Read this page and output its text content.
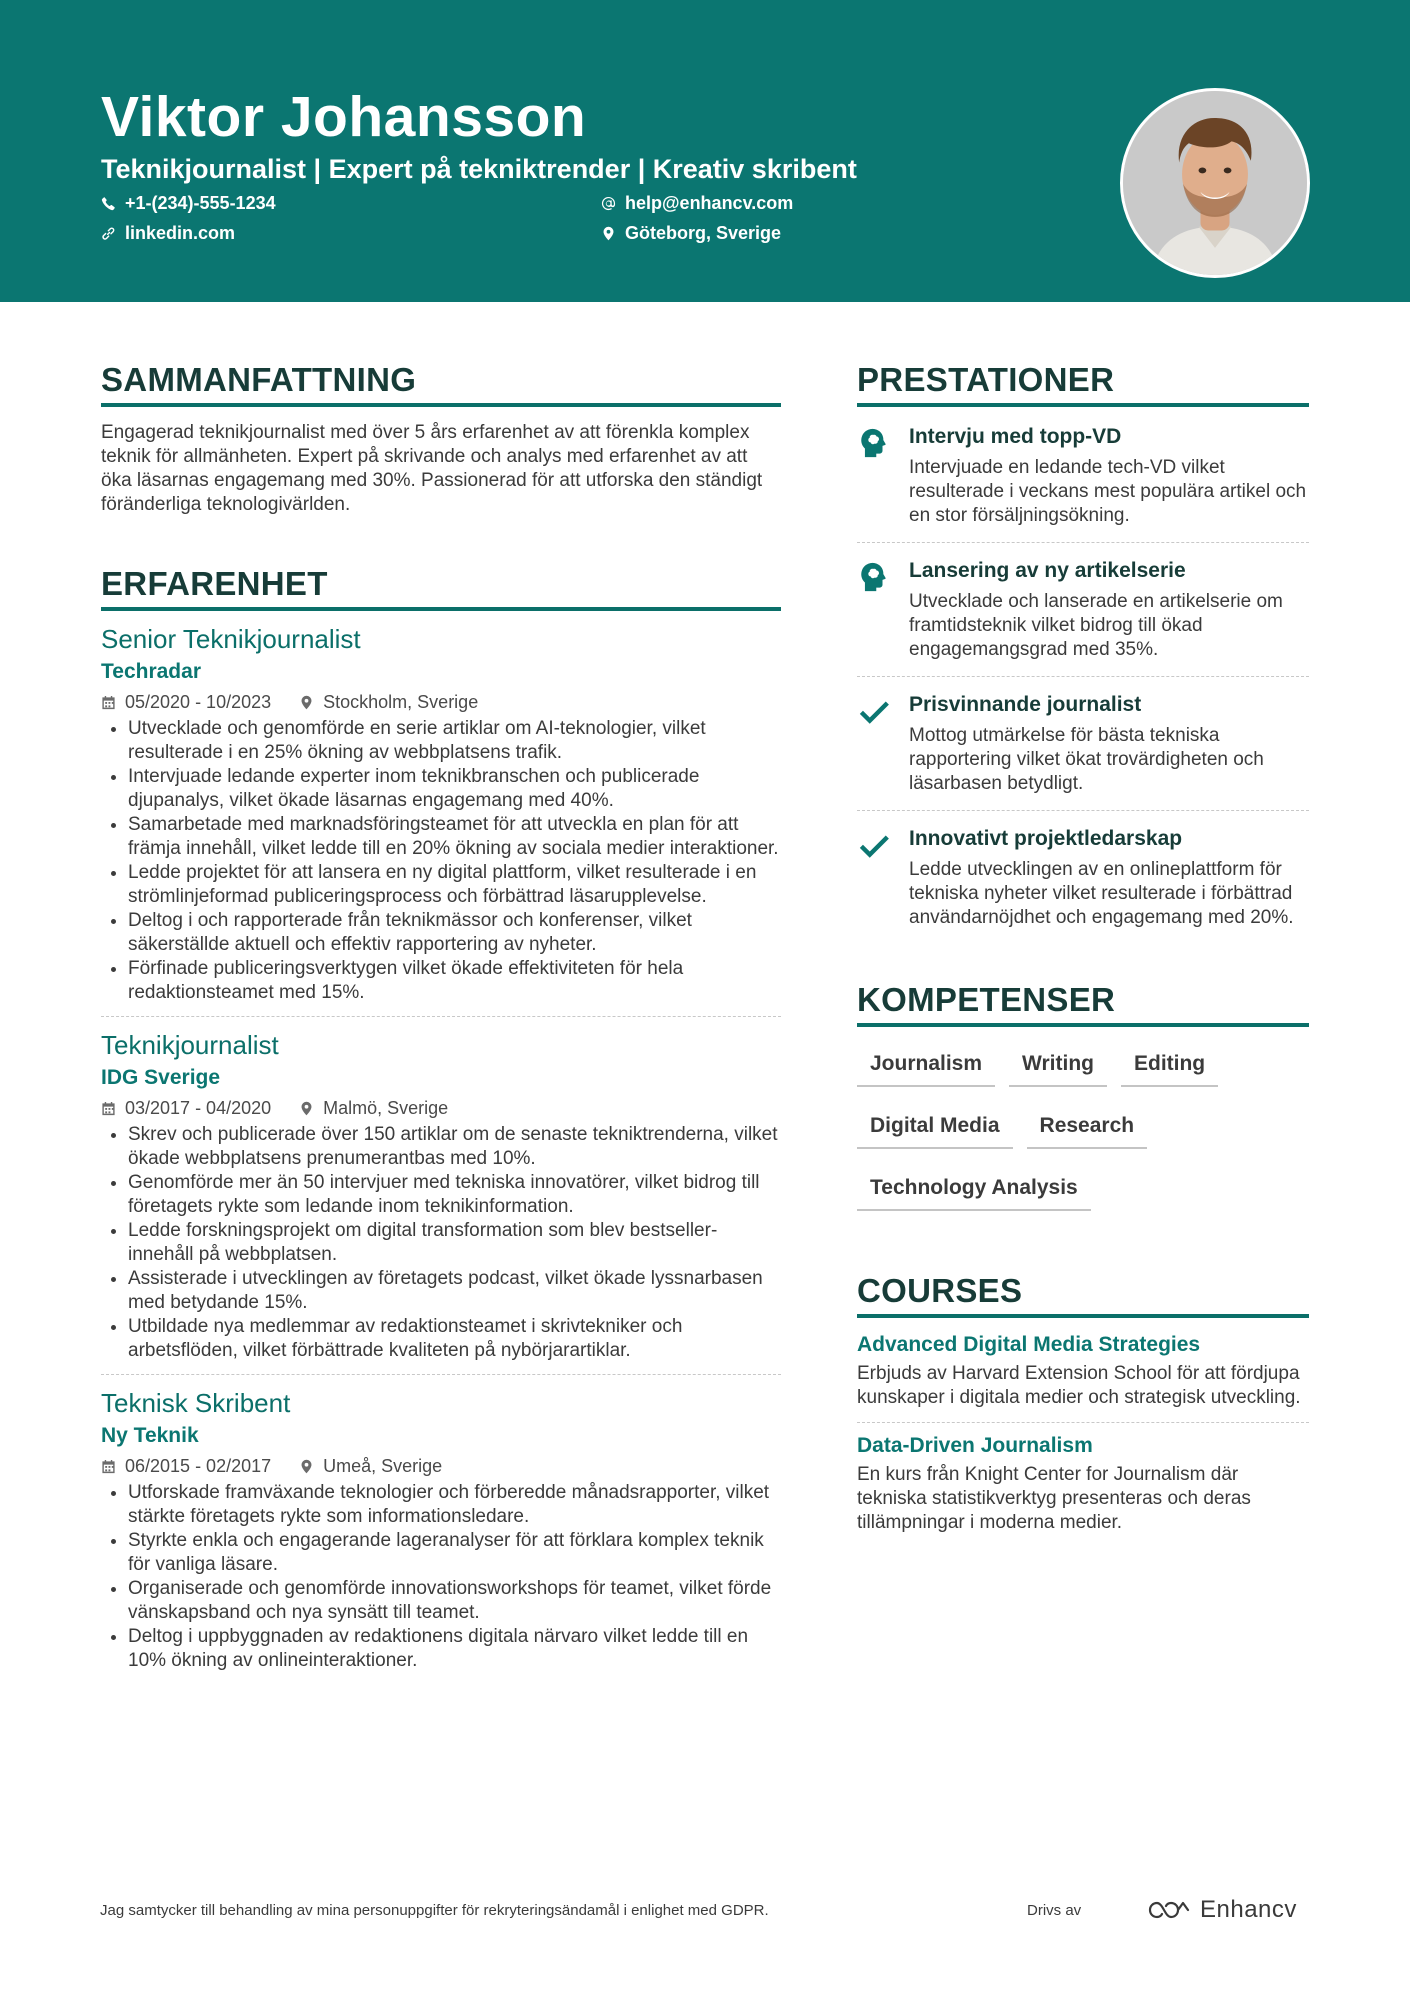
Viktor Johansson
Teknikjournalist | Expert på tekniktrender | Kreativ skribent
+1-(234)-555-1234	help@enhancv.com
linkedin.com	Göteborg, Sverige
SAMMANFATTNING

Engagerad teknikjournalist med över 5 års erfarenhet av att förenkla komplex teknik för allmänheten. Expert på skrivande och analys med erfarenhet av att öka läsarnas engagemang med 30%. Passionerad för att utforska den ständigt föränderliga teknologivärlden.

ERFARENHET
Senior Teknikjournalist
Techradar
05/2020 - 10/2023	Stockholm, Sverige
Utvecklade och genomförde en serie artiklar om AI-teknologier, vilket resulterade i en 25% ökning av webbplatsens trafik.
Intervjuade ledande experter inom teknikbranschen och publicerade djupanalys, vilket ökade läsarnas engagemang med 40%.
Samarbetade med marknadsföringsteamet för att utveckla en plan för att främja innehåll, vilket ledde till en 20% ökning av sociala medier interaktioner.
Ledde projektet för att lansera en ny digital plattform, vilket resulterade i en strömlinjeformad publiceringsprocess och förbättrad läsarupplevelse.
Deltog i och rapporterade från teknikmässor och konferenser, vilket säkerställde aktuell och effektiv rapportering av nyheter.
Förfinade publiceringsverktygen vilket ökade effektiviteten för hela redaktionsteamet med 15%.
Teknikjournalist
IDG Sverige
03/2017 - 04/2020	Malmö, Sverige
Skrev och publicerade över 150 artiklar om de senaste tekniktrenderna, vilket ökade webbplatsens prenumerantbas med 10%.
Genomförde mer än 50 intervjuer med tekniska innovatörer, vilket bidrog till företagets rykte som ledande inom teknikinformation.
Ledde forskningsprojekt om digital transformation som blev bestseller-innehåll på webbplatsen.
Assisterade i utvecklingen av företagets podcast, vilket ökade lyssnarbasen med betydande 15%.
Utbildade nya medlemmar av redaktionsteamet i skrivtekniker och arbetsflöden, vilket förbättrade kvaliteten på nybörjarartiklar.
Teknisk Skribent
Ny Teknik
06/2015 - 02/2017	Umeå, Sverige
Utforskade framväxande teknologier och förberedde månadsrapporter, vilket stärkte företagets rykte som informationsledare.
Styrkte enkla och engagerande lageranalyser för att förklara komplex teknik för vanliga läsare.
Organiserade och genomförde innovationsworkshops för teamet, vilket förde vänskapsband och nya synsätt till teamet.
Deltog i uppbyggnaden av redaktionens digitala närvaro vilket ledde till en 10% ökning av onlineinteraktioner.
PRESTATIONER
Intervju med topp-VD
Intervjuade en ledande tech-VD vilket resulterade i veckans mest populära artikel och en stor försäljningsökning.
Lansering av ny artikelserie
Utvecklade och lanserade en artikelserie om framtidsteknik vilket bidrog till ökad engagemangsgrad med 35%.
Prisvinnande journalist
Mottog utmärkelse för bästa tekniska rapportering vilket ökat trovärdigheten och läsarbasen betydligt.
Innovativt projektledarskap
Ledde utvecklingen av en onlineplattform för tekniska nyheter vilket resulterade i förbättrad användarnöjdhet och engagemang med 20%.
KOMPETENSER
Journalism	Writing	Editing
Digital Media	Research
Technology Analysis
COURSES
Advanced Digital Media Strategies
Erbjuds av Harvard Extension School för att fördjupa kunskaper i digitala medier och strategisk utveckling.
Data-Driven Journalism
En kurs från Knight Center for Journalism där tekniska statistikverktyg presenteras och deras tillämpningar i moderna medier.
Jag samtycker till behandling av mina personuppgifter för rekryteringsändamål i enlighet med GDPR.	Drivs av	Enhancv
